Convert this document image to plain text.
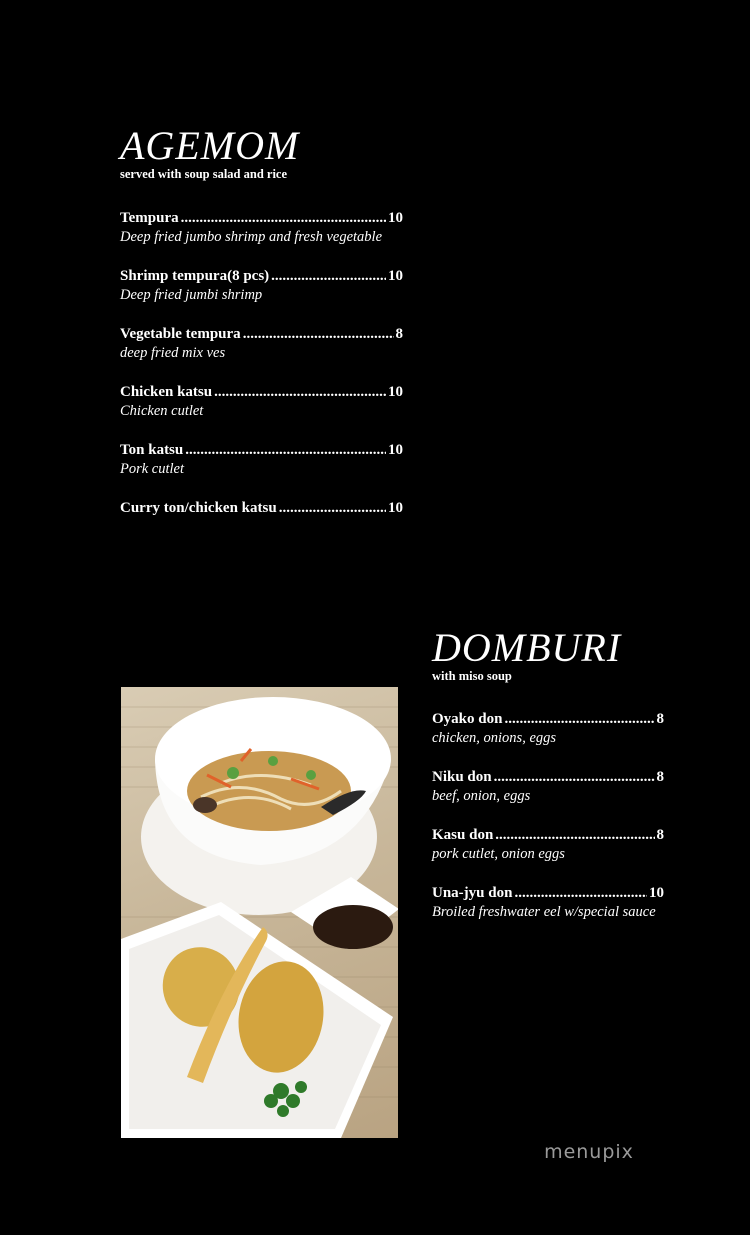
AGEMOM
served with soup salad and rice
Tempura .....	10
Deep fried jumbo shrimp and fresh vegetable
Shrimp tempura(8 pcs) .....	10
Deep fried jumbi shrimp
Vegetable tempura .....	8
deep fried mix ves
Chicken katsu .....	10
Chicken cutlet
Ton katsu .....	10
Pork cutlet
Curry ton/chicken katsu .....	10
DOMBURI
with miso soup
Oyako don .....	8
chicken, onions, eggs
Niku don .....	8
beef, onion, eggs
Kasu don .....	8
pork cutlet, onion eggs
Una-jyu don .....	10
Broiled freshwater eel w/special sauce
menupix
